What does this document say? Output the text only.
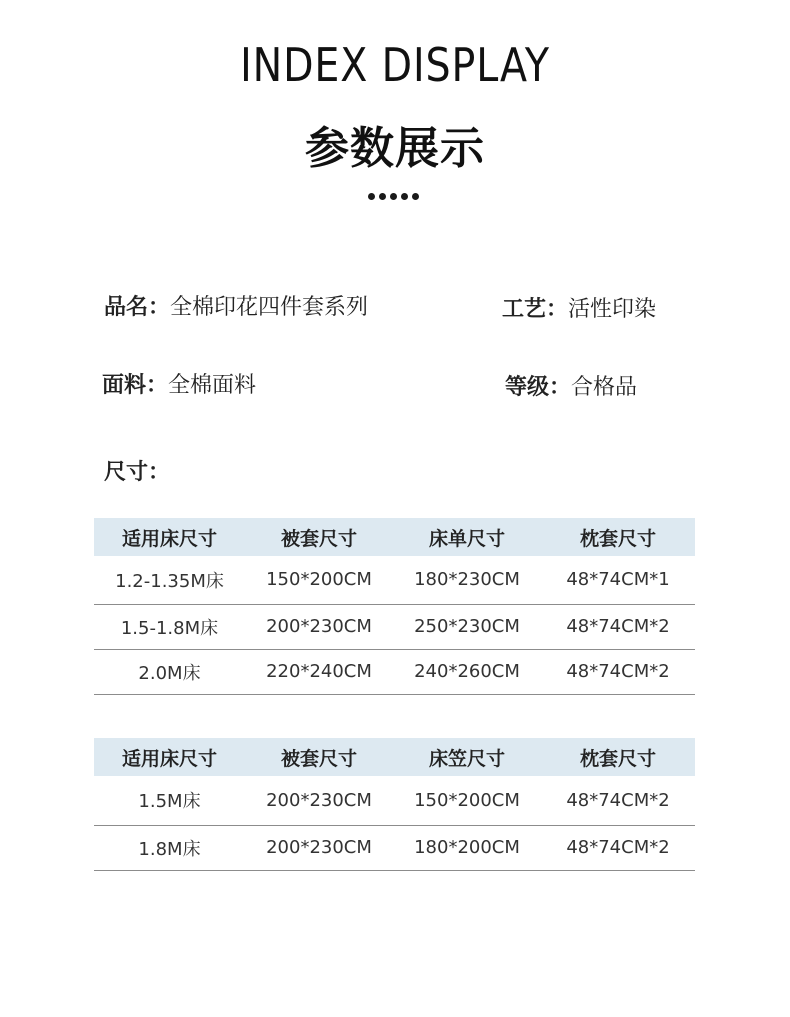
INDEX DISPLAY
参数展示
品名：全棉印花四件套系列	工艺：活性印染
面料：全棉面料	等级：合格品
尺寸：
适用床尺寸	被套尺寸	床单尺寸	枕套尺寸
1.2-1.35M床	150*200CM	180*230CM	48*74CM*1
1.5-1.8M床	200*230CM	250*230CM	48*74CM*2
2.0M床	220*240CM	240*260CM	48*74CM*2
适用床尺寸	被套尺寸	床笠尺寸	枕套尺寸
1.5M床	200*230CM	150*200CM	48*74CM*2
1.8M床	200*230CM	180*200CM	48*74CM*2
